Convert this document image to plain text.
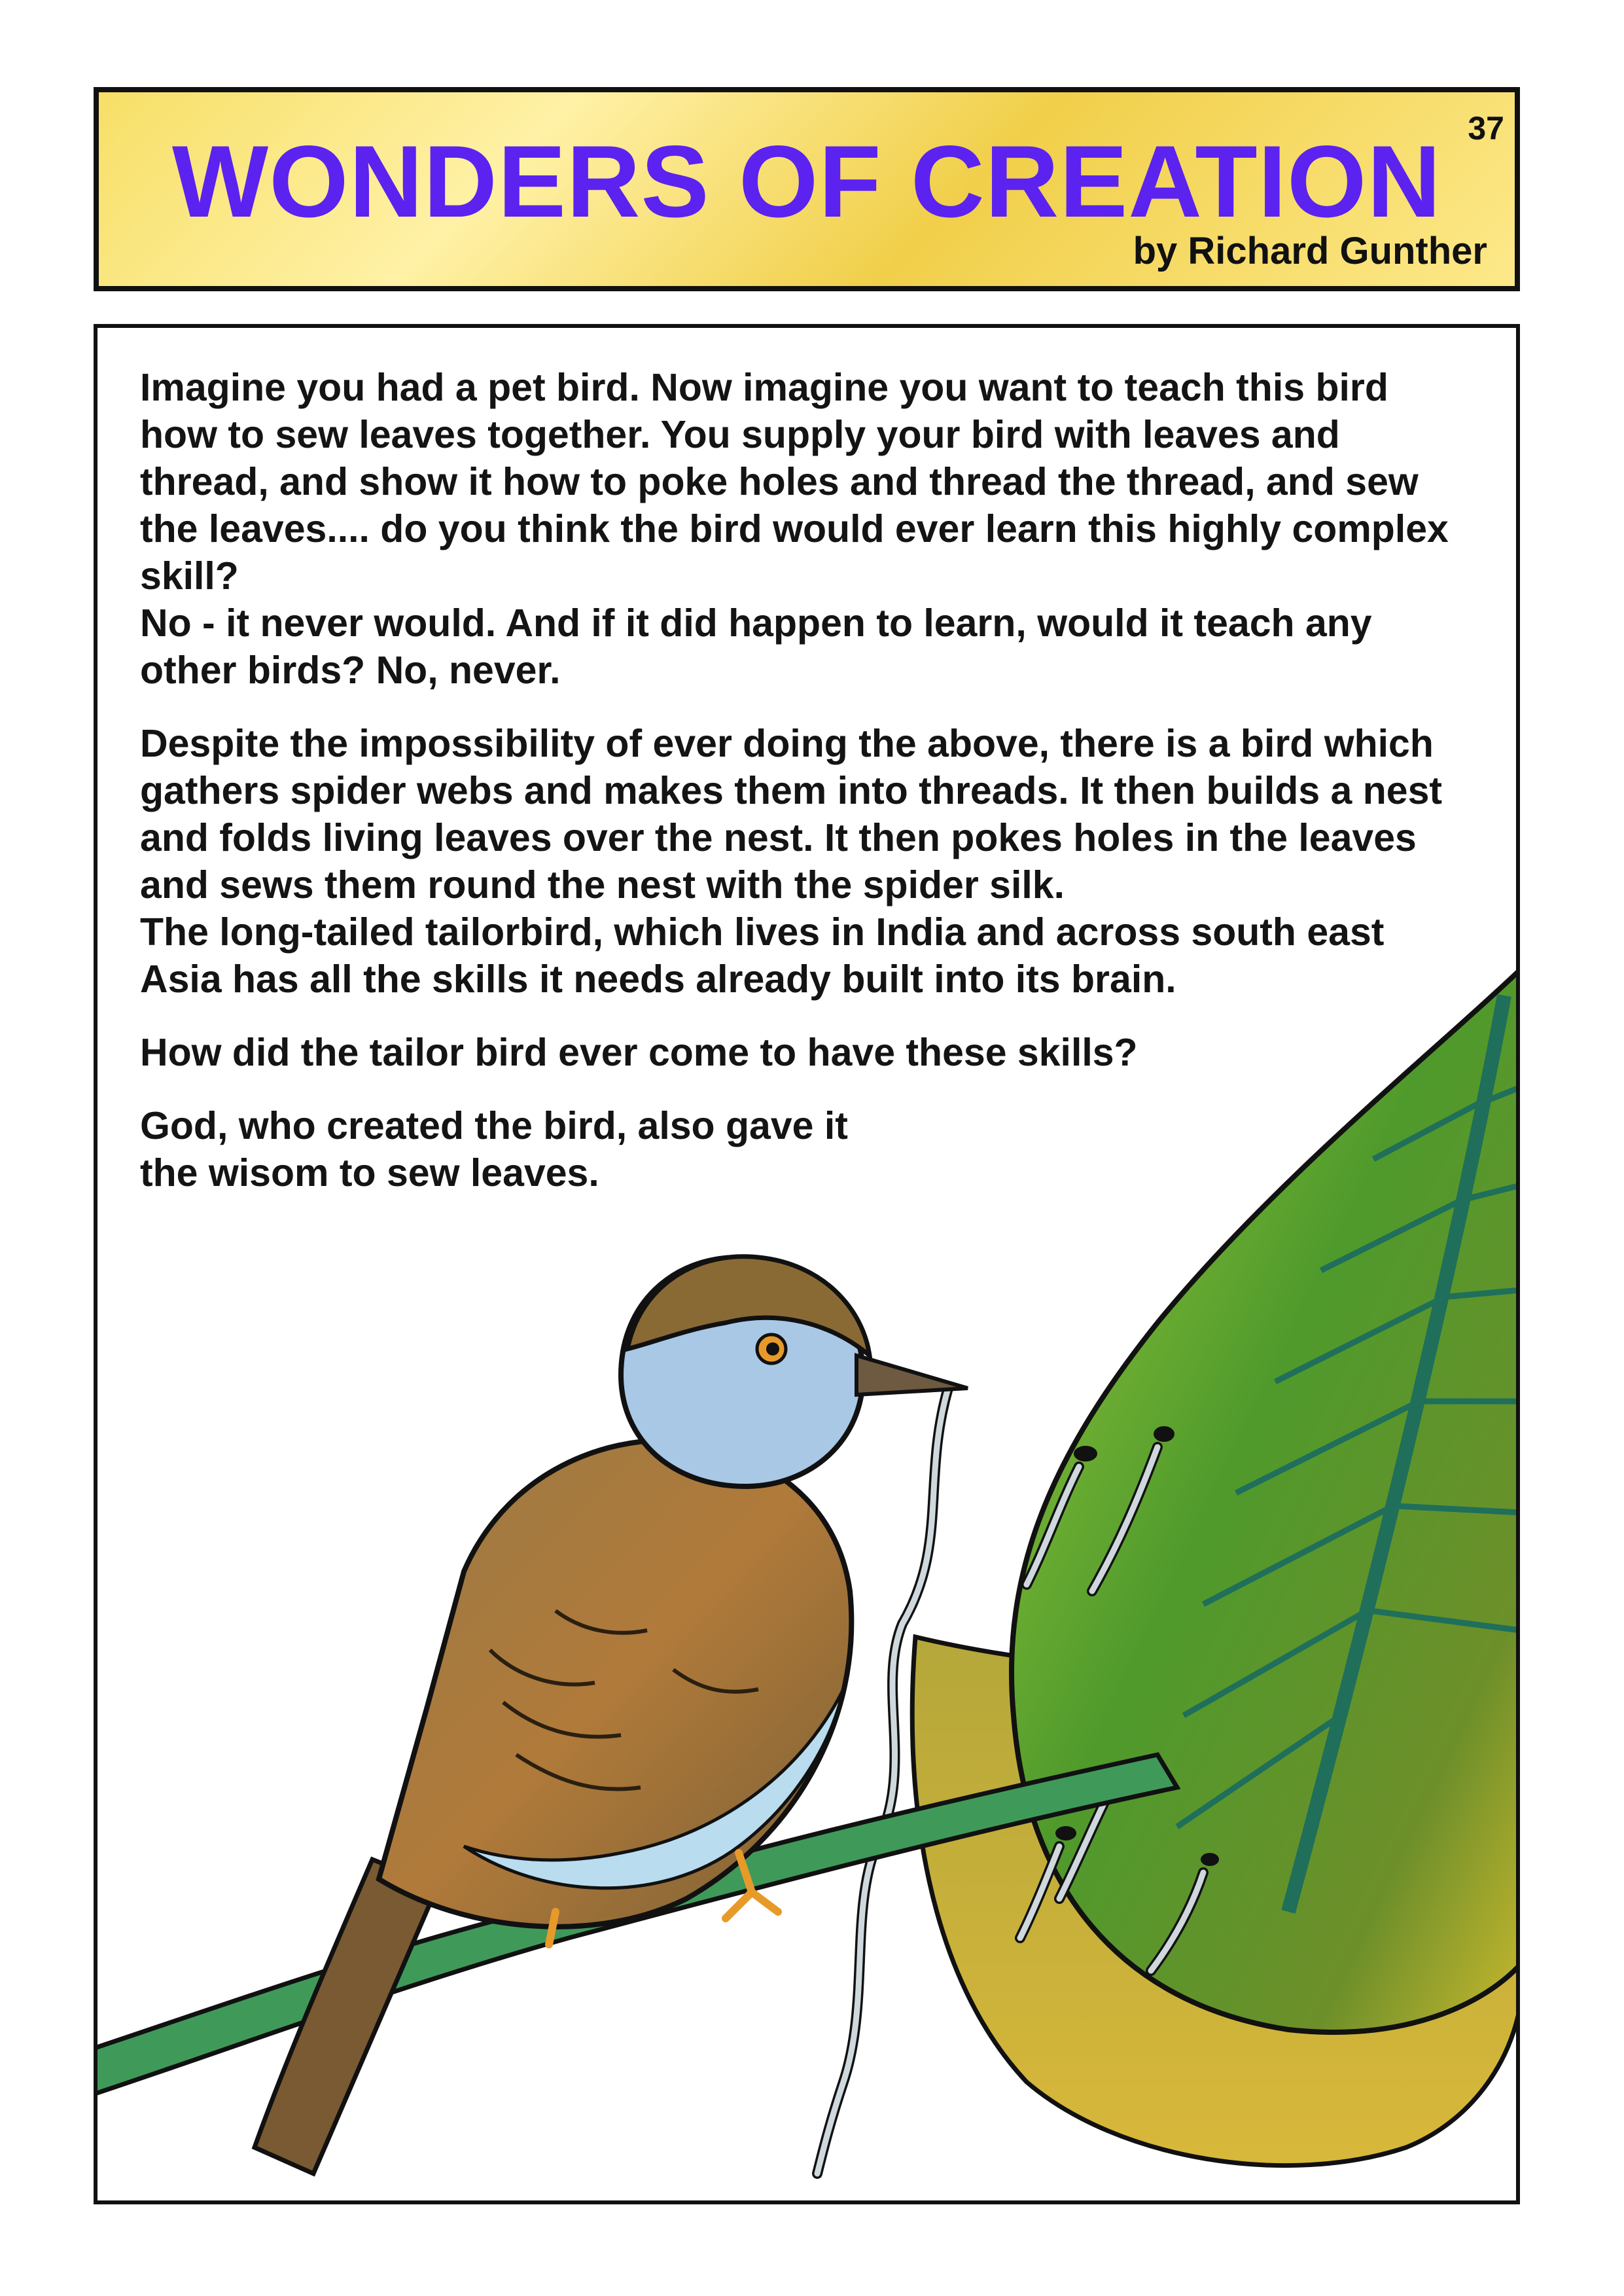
WONDERS OF CREATION 37
by Richard Gunther

Imagine you had a pet bird. Now imagine you want to teach this bird how to sew leaves together. You supply your bird with leaves and thread, and show it how to poke holes and thread the thread, and sew the leaves.... do you think the bird would ever learn this highly complex skill?

No - it never would. And if it did happen to learn, would it teach any other birds? No, never.

Despite the impossibility of ever doing the above, there is a bird which gathers spider webs and makes them into threads. It then builds a nest and folds living leaves over the nest. It then pokes holes in the leaves and sews them round the nest with the spider silk.

The long-tailed tailorbird, which lives in India and across south east Asia has all the skills it needs already built into its brain.

How did the tailor bird ever come to have these skills?

God, who created the bird, also gave it

the wisom to sew leaves.
